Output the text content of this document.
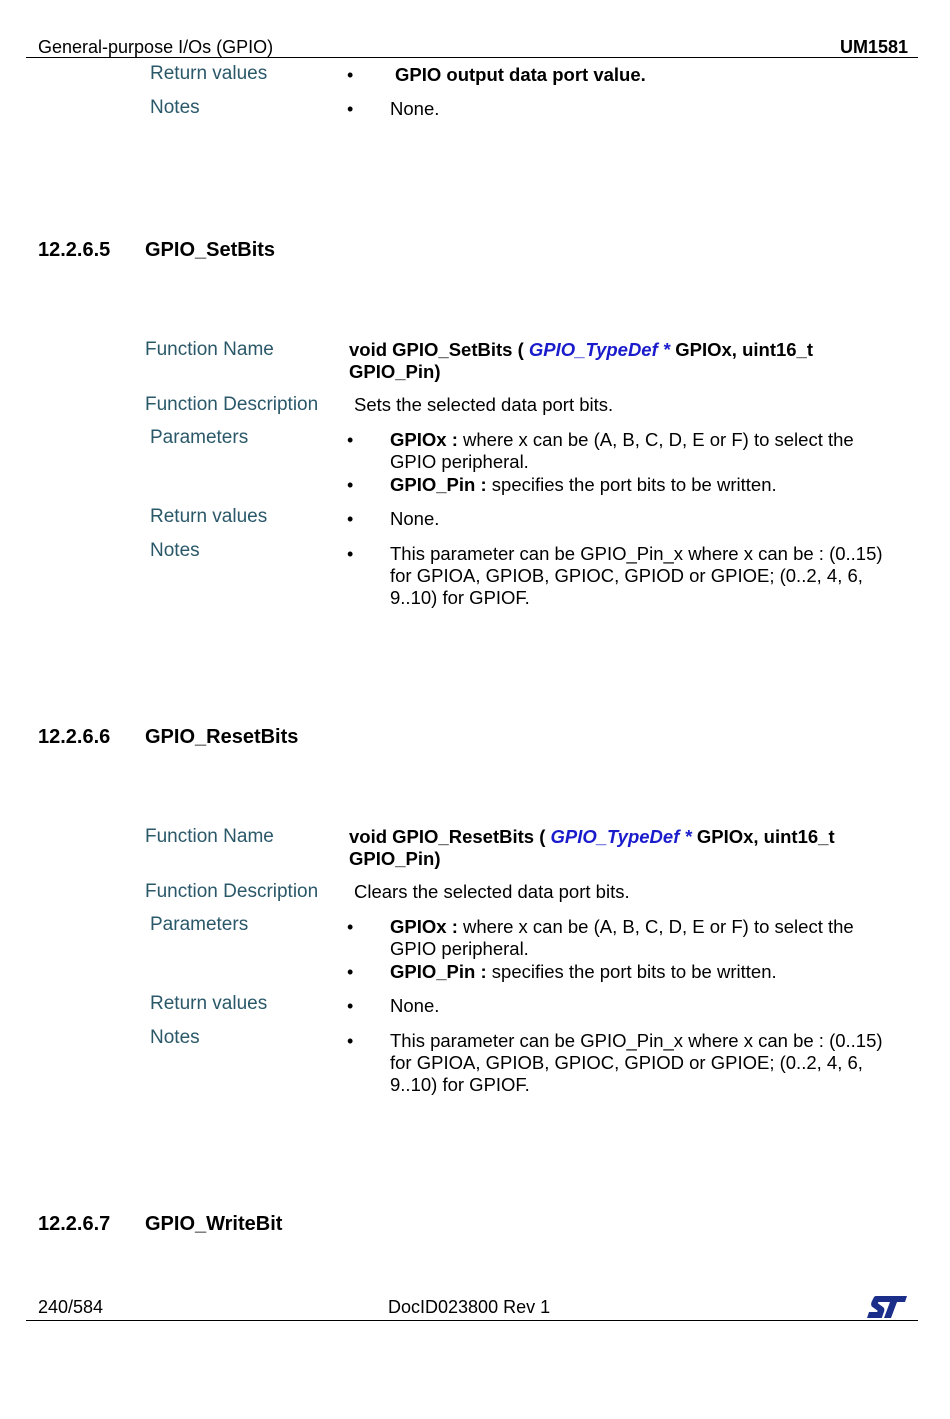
General-purpose I/Os (GPIO)	UM1581
Return values	• GPIO output data port value.
Notes	• None.
12.2.6.5 GPIO_SetBits
Function Name	void GPIO_SetBits ( GPIO_TypeDef * GPIOx, uint16_t
GPIO_Pin)
Function Description Sets the selected data port bits.
Parameters	• GPIOx : where x can be (A, B, C, D, E or F) to select the
GPIO peripheral.
• GPIO_Pin : specifies the port bits to be written.
Return values	• None.
Notes	• This parameter can be GPIO_Pin_x where x can be : (0..15)
for GPIOA, GPIOB, GPIOC, GPIOD or GPIOE; (0..2, 4, 6,
9..10) for GPIOF.
12.2.6.6 GPIO_ResetBits
Function Name	void GPIO_ResetBits ( GPIO_TypeDef * GPIOx, uint16_t
GPIO_Pin)
Function Description Clears the selected data port bits.
Parameters	• GPIOx : where x can be (A, B, C, D, E or F) to select the
GPIO peripheral.
• GPIO_Pin : specifies the port bits to be written.
Return values	• None.
Notes	• This parameter can be GPIO_Pin_x where x can be : (0..15)
for GPIOA, GPIOB, GPIOC, GPIOD or GPIOE; (0..2, 4, 6,
9..10) for GPIOF.
12.2.6.7 GPIO_WriteBit
240/584	DocID023800 Rev 1
